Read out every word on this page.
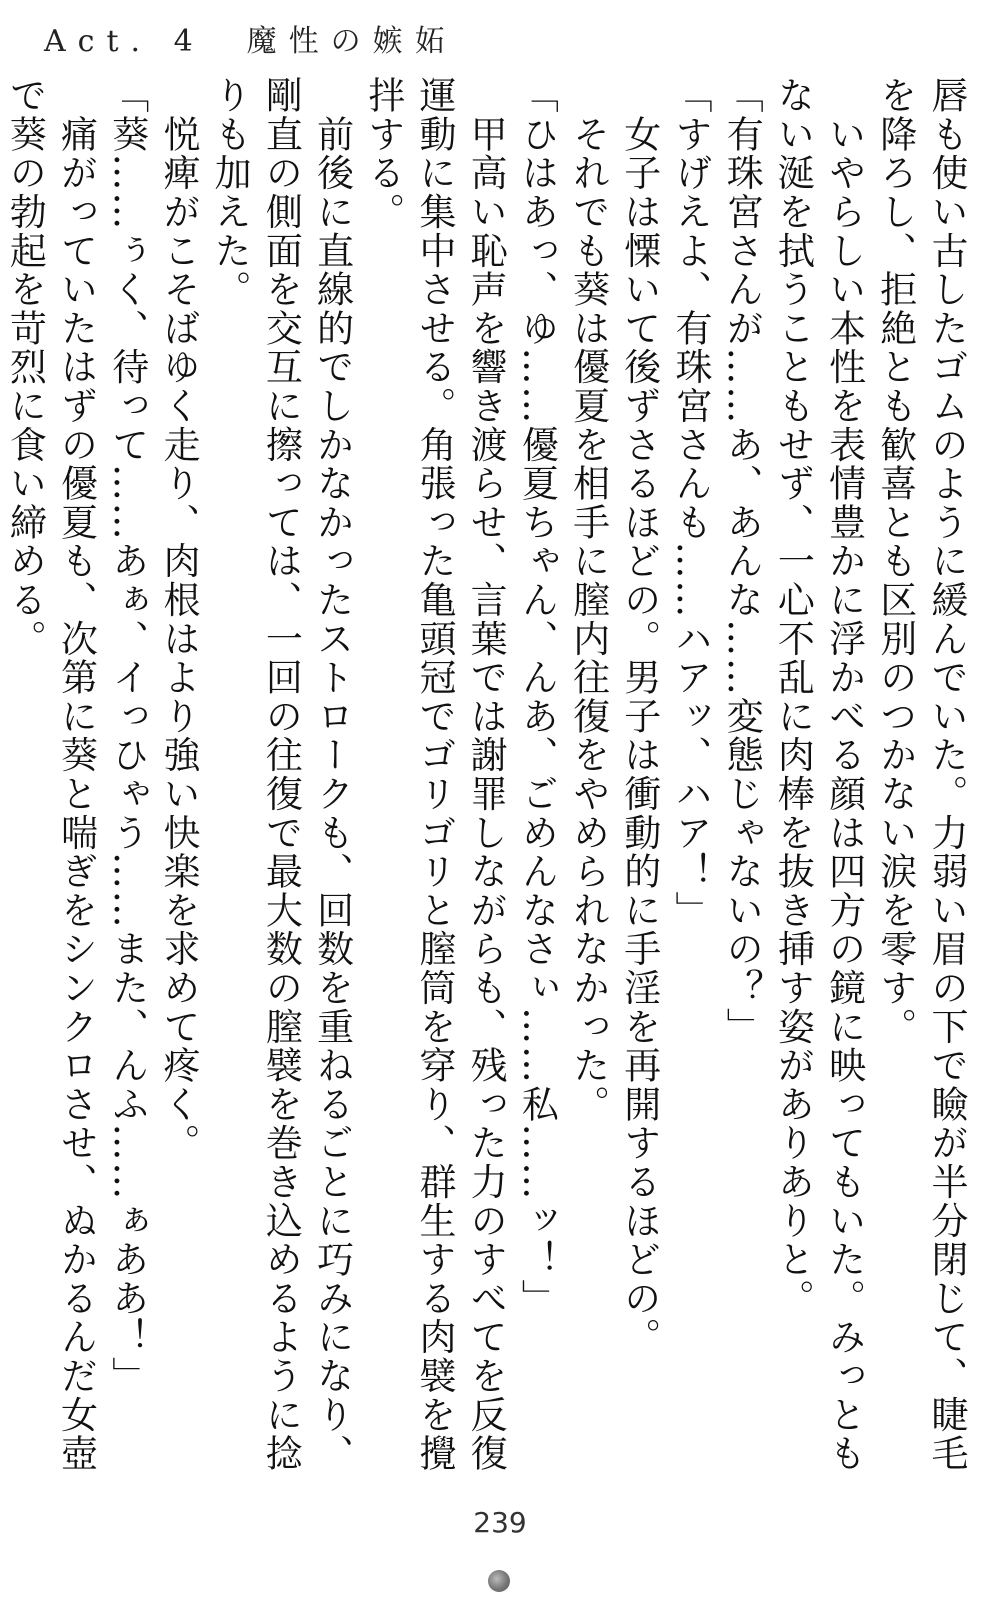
Act. 4　魔性の嫉妬

唇も使い古したゴムのように緩んでいた。力弱い眉の下で瞼が半分閉じて、睫毛を降ろし、拒絶とも歓喜とも区別のつかない涙を零す。

　いやらしい本性を表情豊かに浮かべる顔は四方の鏡に映ってもいた。みっともない涎を拭うこともせず、一心不乱に肉棒を抜き挿す姿がありありと。

「有珠宮さんが……あ、あんな……変態じゃないの？」

「すげえよ、有珠宮さんも……ハアッ、ハア！」

　女子は慄いて後ずさるほどの。男子は衝動的に手淫を再開するほどの。

　それでも葵は優夏を相手に膣内往復をやめられなかった。

「ひはあっ、ゆ……優夏ちゃん、んあ、ごめんなさぃ……私……ッ！」

　甲高い恥声を響き渡らせ、言葉では謝罪しながらも、残った力のすべてを反復運動に集中させる。角張った亀頭冠でゴリゴリと膣筒を穿り、群生する肉襞を攪拌する。

　前後に直線的でしかなかったストロークも、回数を重ねるごとに巧みになり、剛直の側面を交互に擦っては、一回の往復で最大数の膣襞を巻き込めるように捻りも加えた。

　悦痺がこそばゆく走り、肉根はより強い快楽を求めて疼く。

「葵……ぅく、待って……あぁ、イっひゃう……また、んふ……ぁああ！」

　痛がっていたはずの優夏も、次第に葵と喘ぎをシンクロさせ、ぬかるんだ女壺で葵の勃起を苛烈に食い締める。

239
